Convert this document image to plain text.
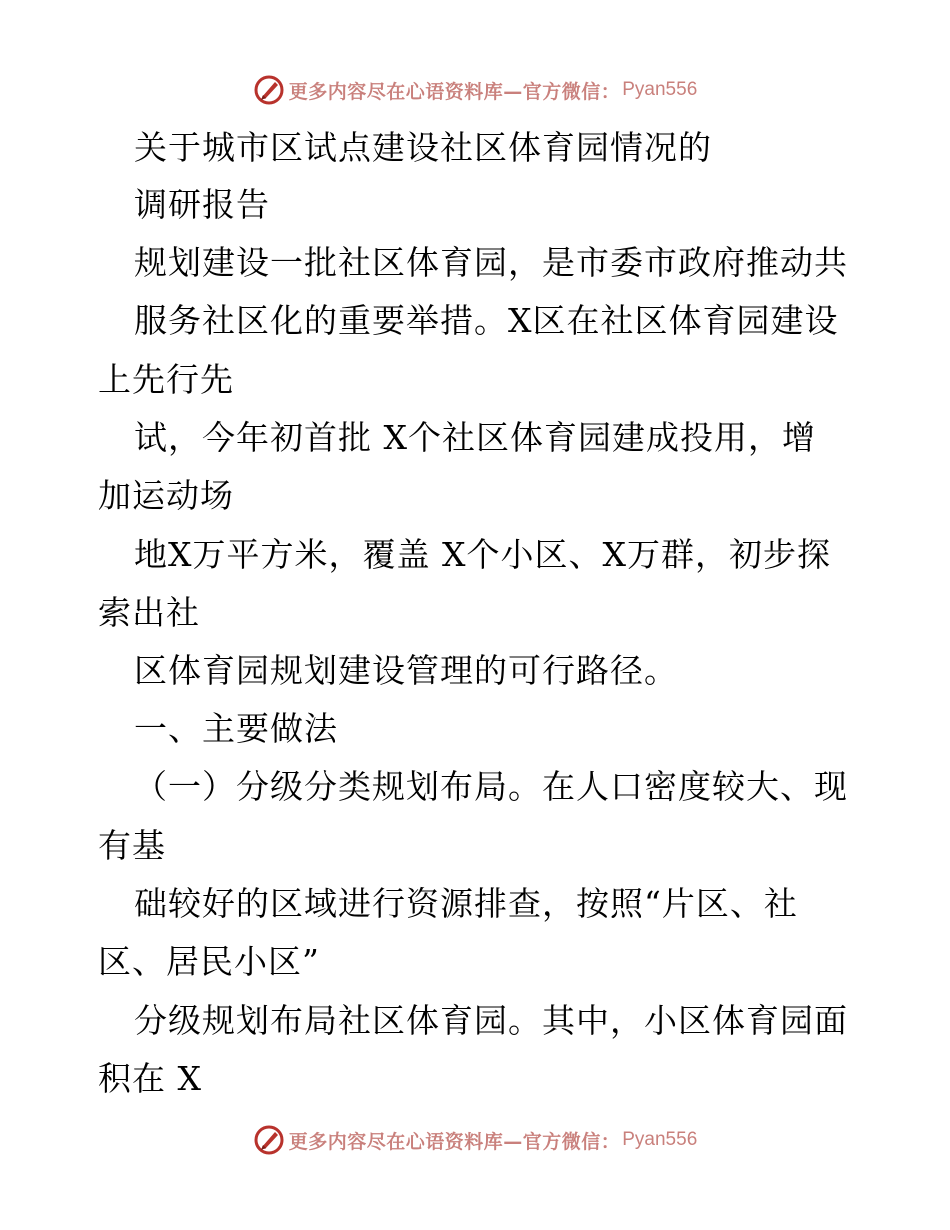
更多内容尽在心语资料库—官方微信： Pyan556
关于城市区试点建设社区体育园情况的
调研报告
规划建设一批社区体育园，是市委市政府推动共
服务社区化的重要举措。X区在社区体育园建设
上先行先
试，今年初首批 X个社区体育园建成投用，增
加运动场
地X万平方米，覆盖 X个小区、X万群，初步探
索出社
区体育园规划建设管理的可行路径。
一、主要做法
（一）分级分类规划布局。在人口密度较大、现
有基
础较好的区域进行资源排查，按照“片区、社
区、居民小区”
分级规划布局社区体育园。其中，小区体育园面
积在 X
更多内容尽在心语资料库—官方微信： Pyan556
